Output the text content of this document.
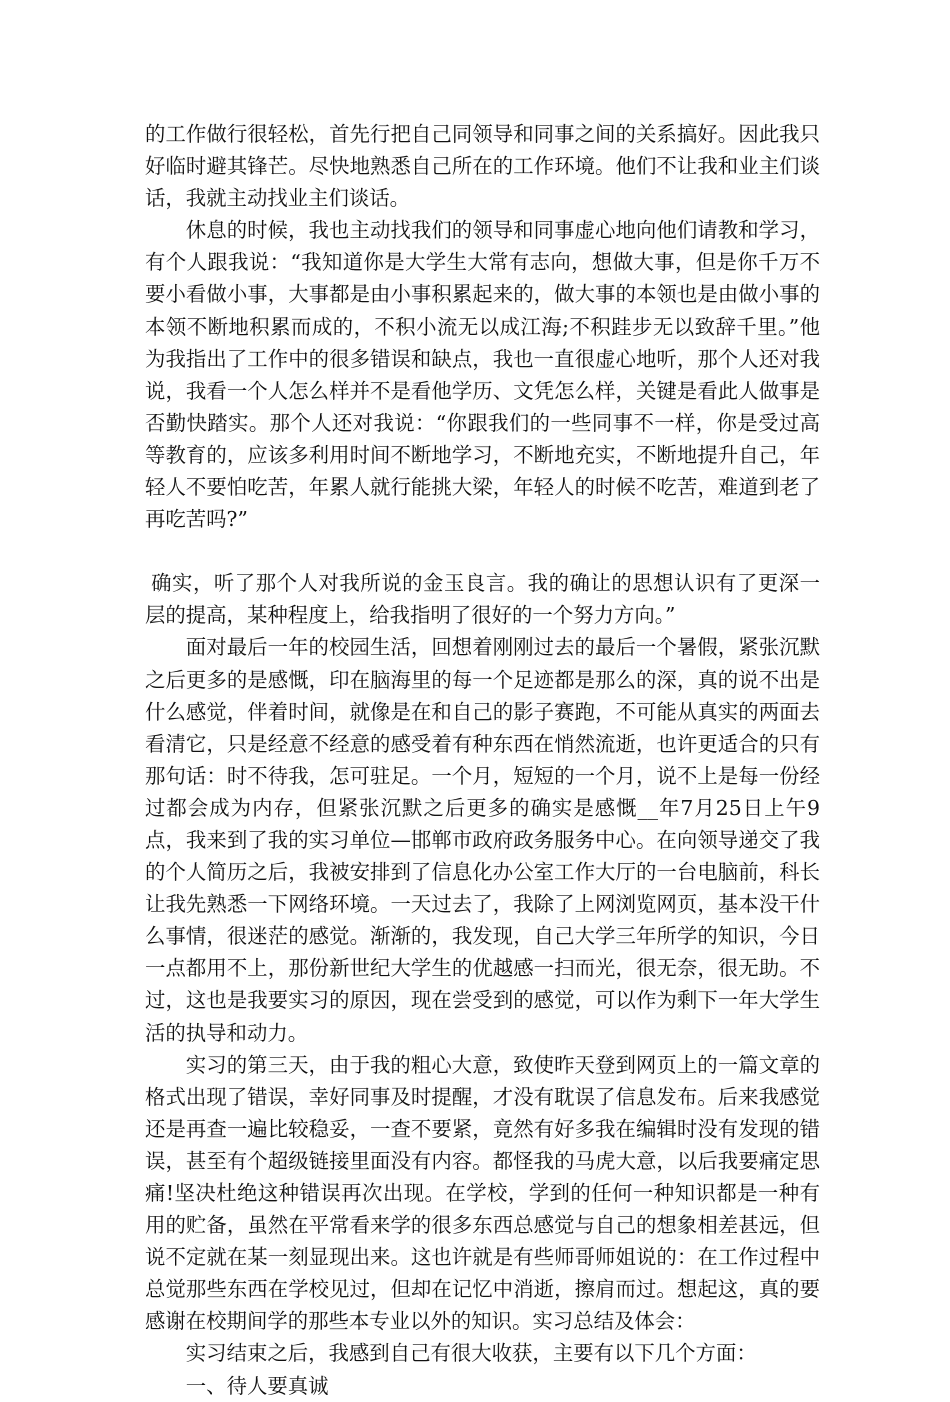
的工作做行很轻松，首先行把自己同领导和同事之间的关系搞好。因此我只好临时避其锋芒。尽快地熟悉自己所在的工作环境。他们不让我和业主们谈话，我就主动找业主们谈话。

休息的时候，我也主动找我们的领导和同事虚心地向他们请教和学习，有个人跟我说：“我知道你是大学生大常有志向，想做大事，但是你千万不要小看做小事，大事都是由小事积累起来的，做大事的本领也是由做小事的本领不断地积累而成的，不积小流无以成江海;不积跬步无以致辞千里。”他为我指出了工作中的很多错误和缺点，我也一直很虚心地听，那个人还对我说，我看一个人怎么样并不是看他学历、文凭怎么样，关键是看此人做事是否勤快踏实。那个人还对我说：“你跟我们的一些同事不一样，你是受过高等教育的，应该多利用时间不断地学习，不断地充实，不断地提升自己，年轻人不要怕吃苦，年累人就行能挑大梁，年轻人的时候不吃苦，难道到老了再吃苦吗?”

确实，听了那个人对我所说的金玉良言。我的确让的思想认识有了更深一层的提高，某种程度上，给我指明了很好的一个努力方向。”

面对最后一年的校园生活，回想着刚刚过去的最后一个暑假，紧张沉默之后更多的是感慨，印在脑海里的每一个足迹都是那么的深，真的说不出是什么感觉，伴着时间，就像是在和自己的影子赛跑，不可能从真实的两面去看清它，只是经意不经意的感受着有种东西在悄然流逝，也许更适合的只有那句话：时不待我，怎可驻足。一个月，短短的一个月，说不上是每一份经过都会成为内存，但紧张沉默之后更多的确实是感慨__年7月25日上午9点，我来到了我的实习单位—邯郸市政府政务服务中心。在向领导递交了我的个人简历之后，我被安排到了信息化办公室工作大厅的一台电脑前，科长让我先熟悉一下网络环境。一天过去了，我除了上网浏览网页，基本没干什么事情，很迷茫的感觉。渐渐的，我发现，自己大学三年所学的知识，今日一点都用不上，那份新世纪大学生的优越感一扫而光，很无奈，很无助。不过，这也是我要实习的原因，现在尝受到的感觉，可以作为剩下一年大学生活的执导和动力。

实习的第三天，由于我的粗心大意，致使昨天登到网页上的一篇文章的格式出现了错误，幸好同事及时提醒，才没有耽误了信息发布。后来我感觉还是再查一遍比较稳妥，一查不要紧，竟然有好多我在编辑时没有发现的错误，甚至有个超级链接里面没有内容。都怪我的马虎大意，以后我要痛定思痛!坚决杜绝这种错误再次出现。在学校，学到的任何一种知识都是一种有用的贮备，虽然在平常看来学的很多东西总感觉与自己的想象相差甚远，但说不定就在某一刻显现出来。这也许就是有些师哥师姐说的：在工作过程中总觉那些东西在学校见过，但却在记忆中消逝，擦肩而过。想起这，真的要感谢在校期间学的那些本专业以外的知识。实习总结及体会：

实习结束之后，我感到自己有很大收获，主要有以下几个方面：

一、待人要真诚
